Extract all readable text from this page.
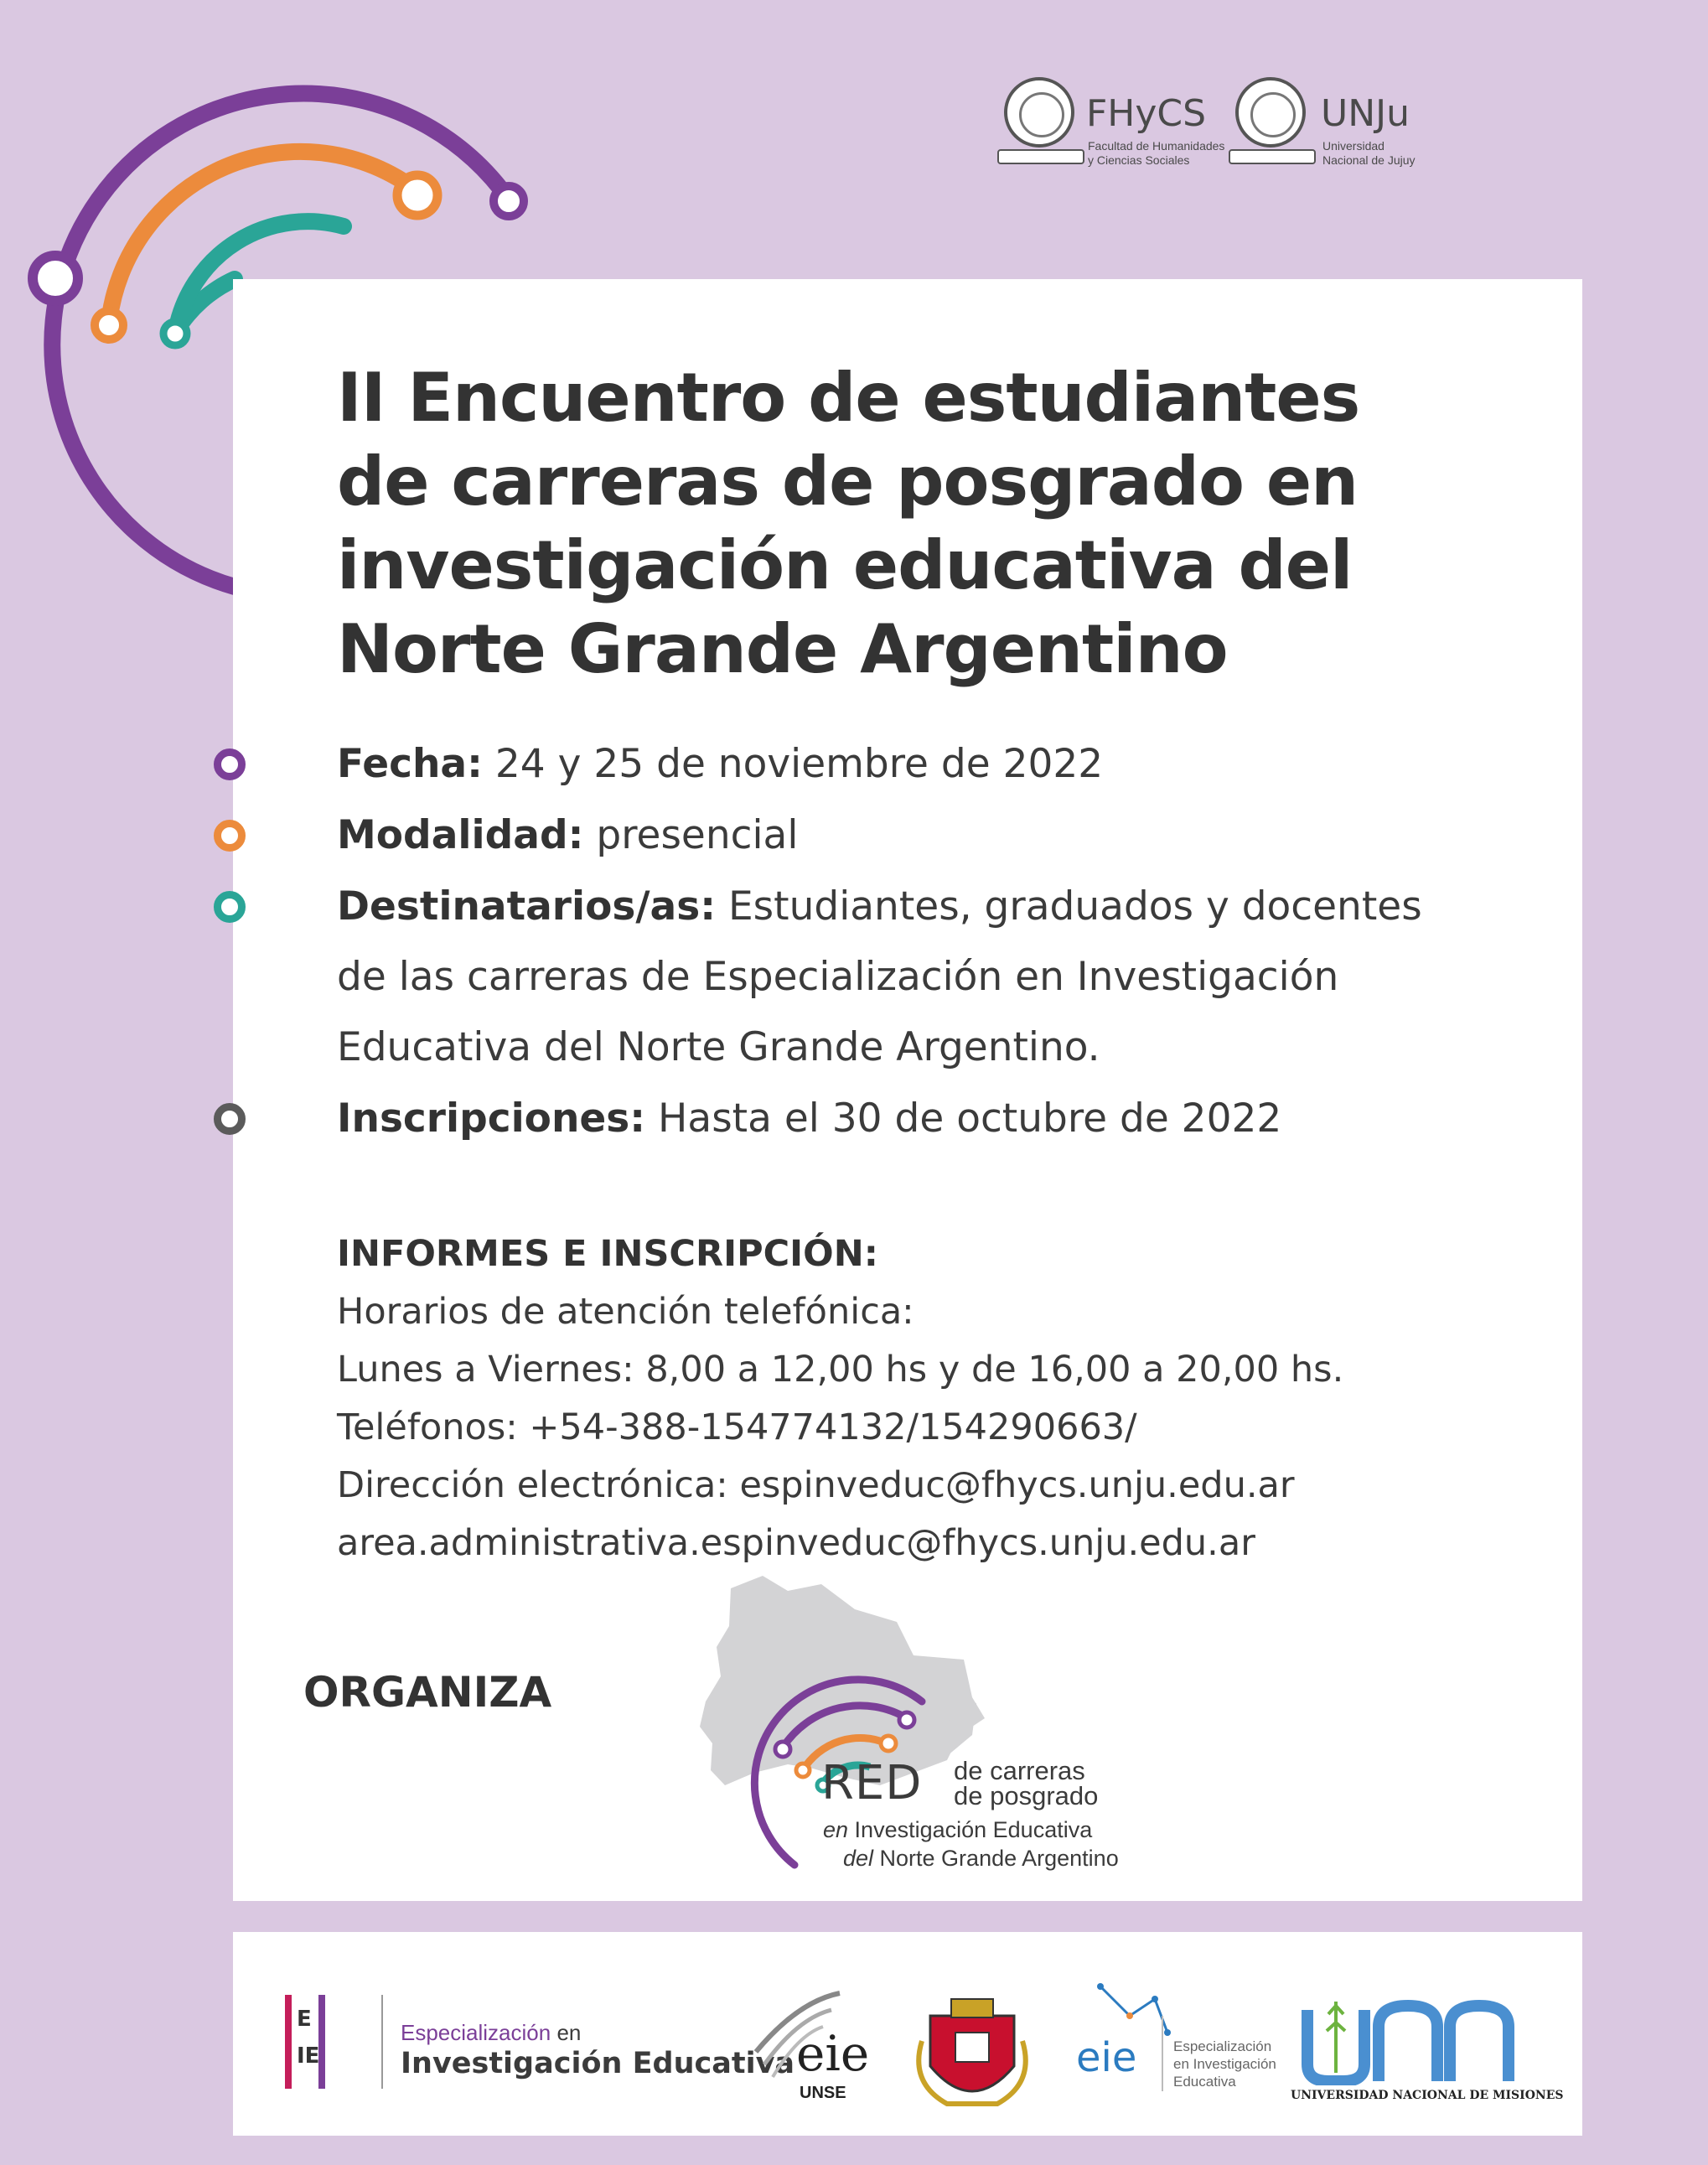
FHyCS
Facultad de Humanidades
y Ciencias Sociales
UNJu
Universidad
Nacional de Jujuy
II Encuentro de estudiantes
de carreras de posgrado en
investigación educativa del
Norte Grande Argentino
Fecha: 24 y 25 de noviembre de 2022
Modalidad: presencial
Destinatarios/as: Estudiantes, graduados y docentes
de las carreras de Especialización en Investigación
Educativa del Norte Grande Argentino.
Inscripciones: Hasta el 30 de octubre de 2022
INFORMES E INSCRIPCIÓN:
Horarios de atención telefónica:
Lunes a Viernes: 8,00 a 12,00 hs y de 16,00 a 20,00 hs.
Teléfonos: +54-388-154774132/154290663/
Dirección electrónica: espinveduc@fhycs.unju.edu.ar
area.administrativa.espinveduc@fhycs.unju.edu.ar
ORGANIZA
RED de carreras
de posgrado
en Investigación Educativa
del Norte Grande Argentino
E
IE
Especialización en
Investigación Educativa eie
UNSE
eie	Especialización
en Investigación
Educativa
UNIVERSIDAD NACIONAL DE MISIONES
